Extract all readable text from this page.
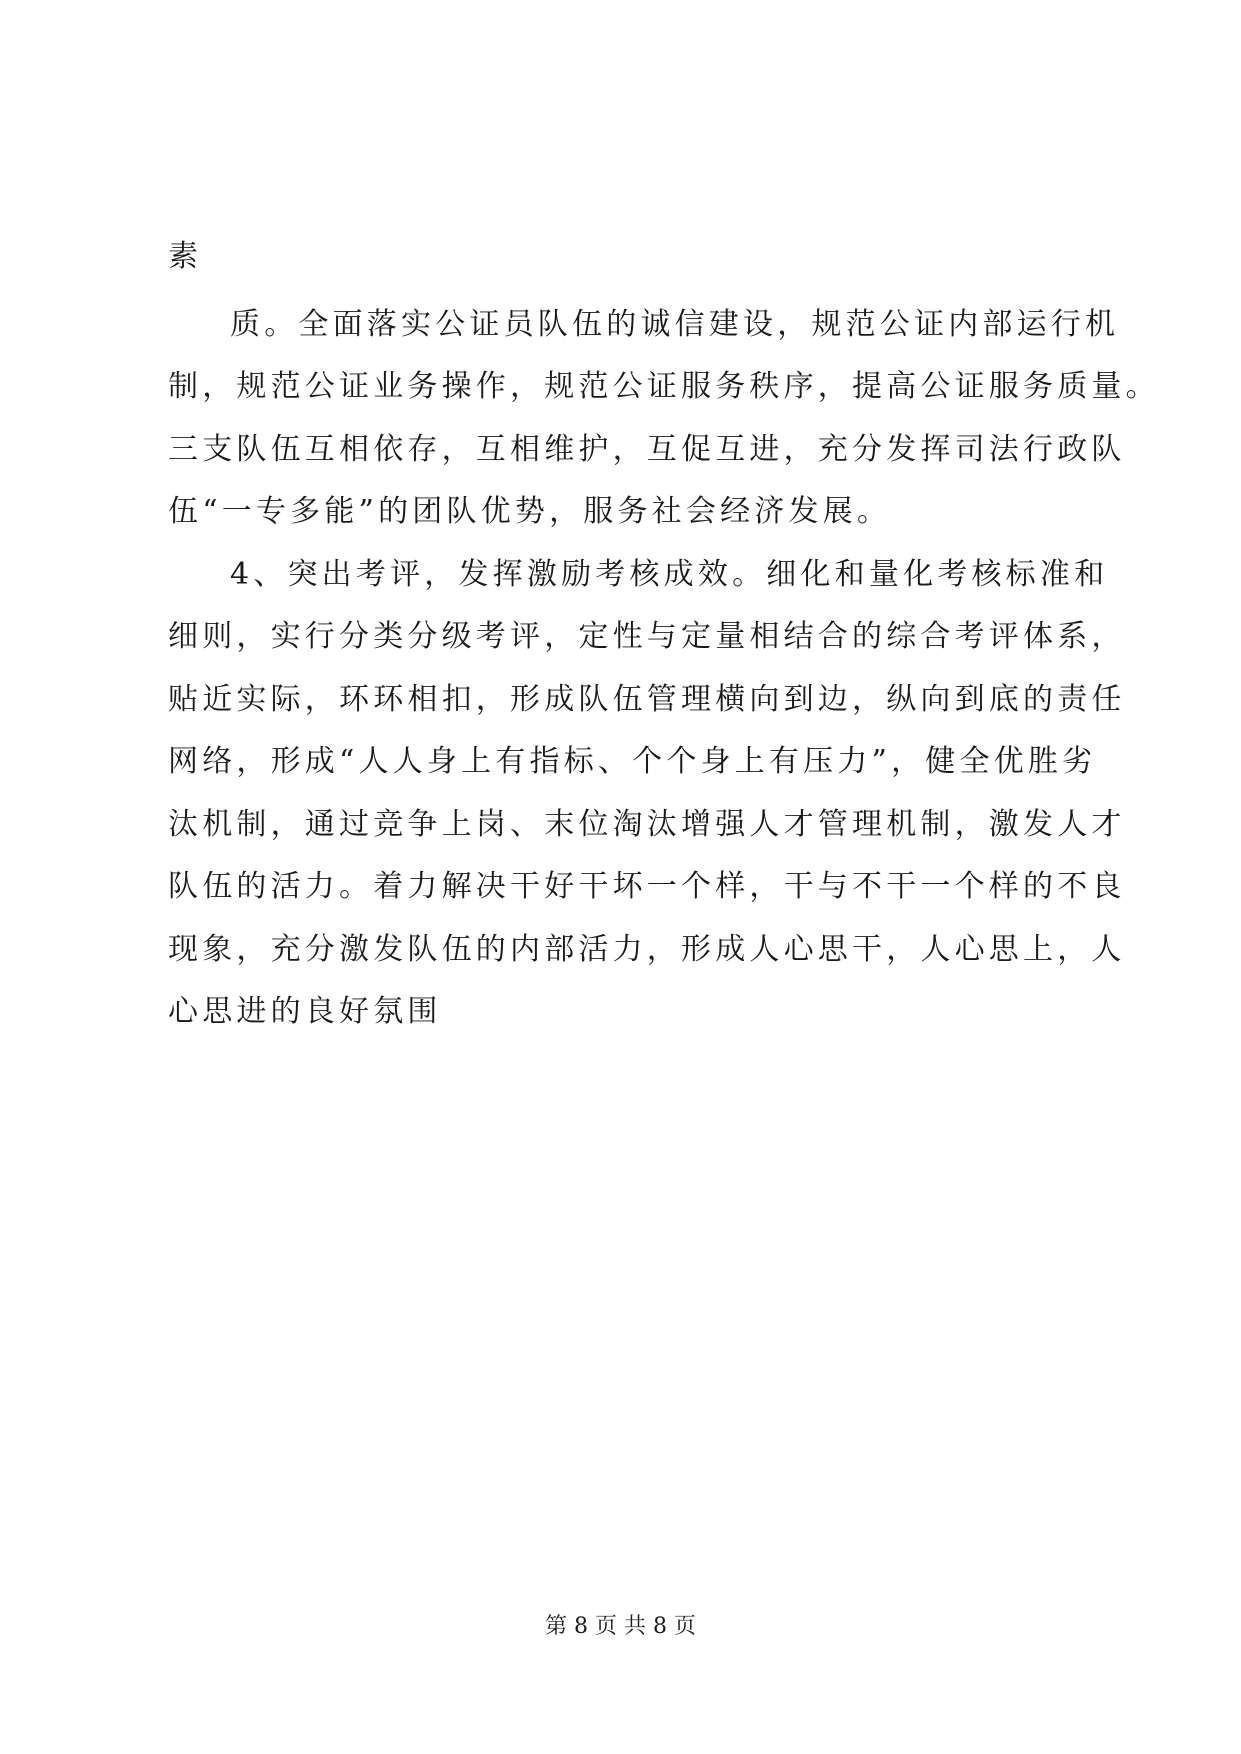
素
质。全面落实公证员队伍的诚信建设，规范公证内部运行机
制，规范公证业务操作，规范公证服务秩序，提高公证服务质量。
三支队伍互相依存，互相维护，互促互进，充分发挥司法行政队
伍“一专多能”的团队优势，服务社会经济发展。
4、突出考评，发挥激励考核成效。细化和量化考核标准和
细则，实行分类分级考评，定性与定量相结合的综合考评体系，
贴近实际，环环相扣，形成队伍管理横向到边，纵向到底的责任
网络，形成“人人身上有指标、个个身上有压力”，健全优胜劣
汰机制，通过竞争上岗、末位淘汰增强人才管理机制，激发人才
队伍的活力。着力解决干好干坏一个样，干与不干一个样的不良
现象，充分激发队伍的内部活力，形成人心思干，人心思上，人
心思进的良好氛围
第 8 页 共 8 页
